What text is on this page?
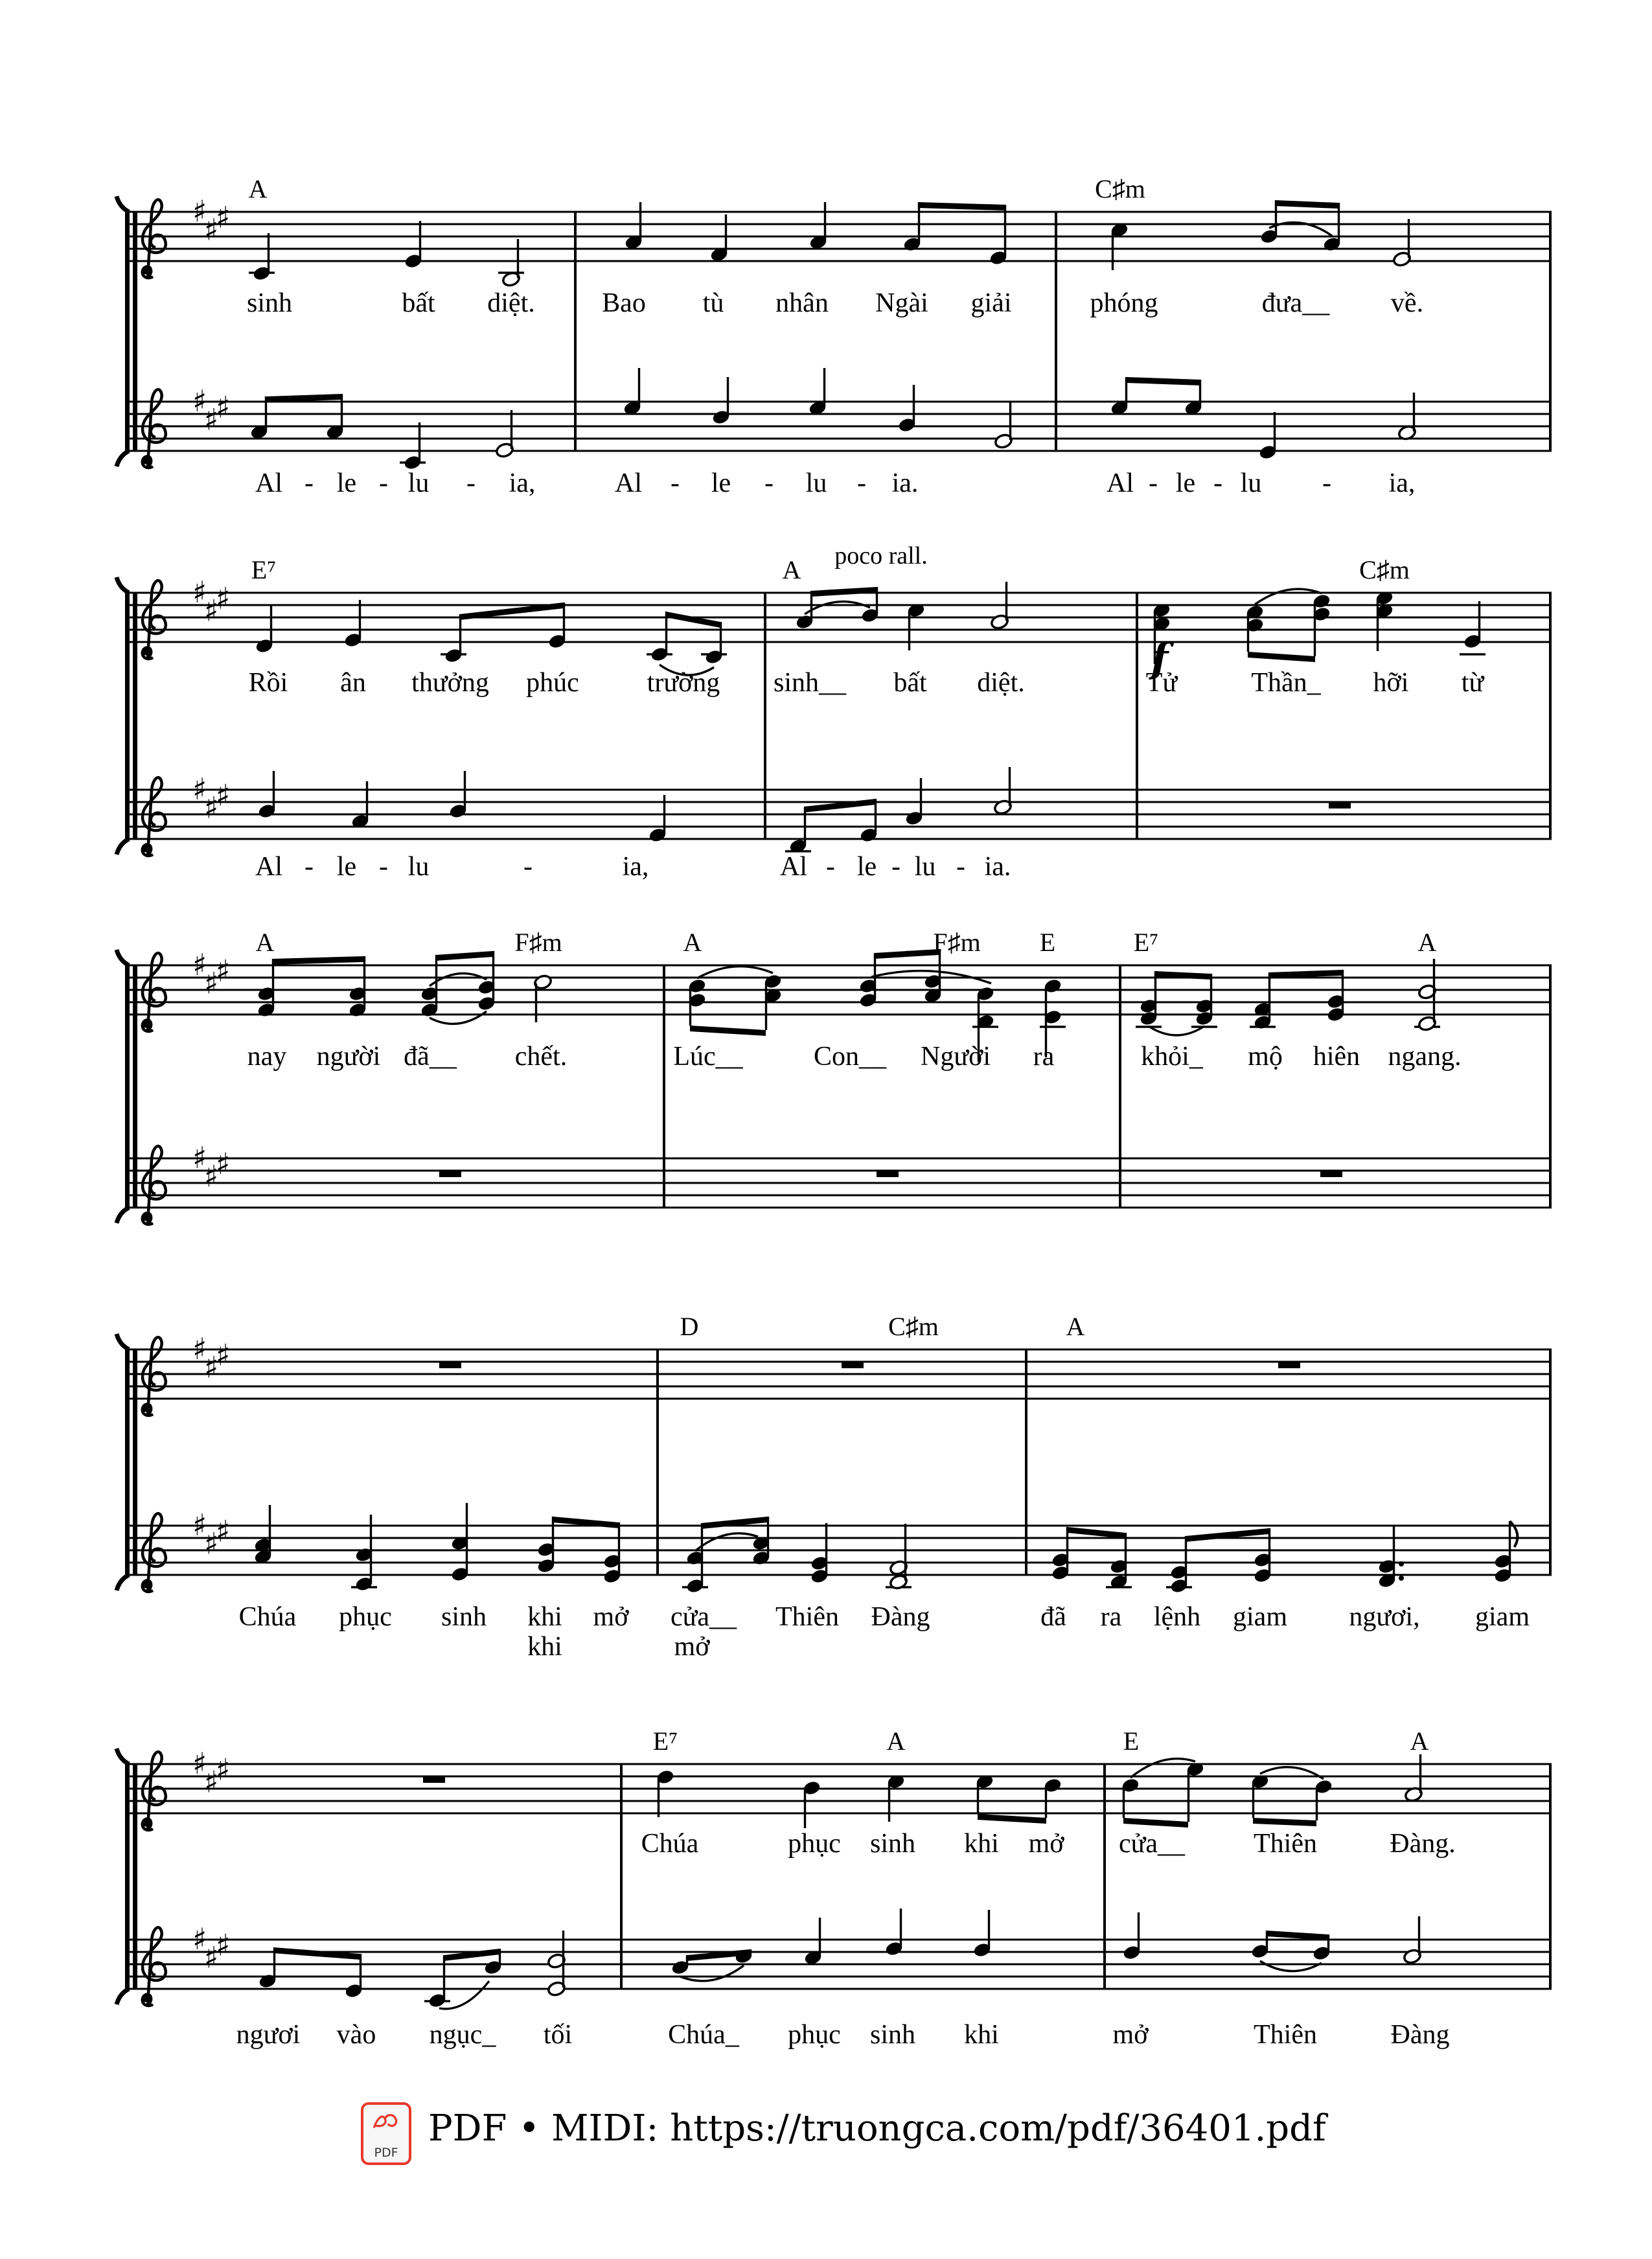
♯
♯
♯
♯
♯
♯
♯
♯
♯
♯
♯
♯
♯
♯
♯
♯
♯
♯
♯
♯
♯
♯
♯
♯
♯
♯
♯
♯
♯
♯
A	C♯m
sinh	bất diệt. Bao tù nhân Ngài giải	phóng	đưa__ về.
Al - le - lu - ia,	Al - le - lu - ia.	Al - le - lu - ia,
E⁷	A	C♯m
poco rall.
f
Rồi ân thưởng phúc trường sinh__ bất diệt.	Tử	Thần_ hỡi từ
Al - le - lu	-	ia,	Al - le - lu - ia.
A	F♯m	A	F♯m E	E⁷	A
nay người đã__ chết.	Lúc__	Con__ Người ra	khỏi_ mộ hiên ngang.
D	C♯m	A
Chúa phục sinh khi mở cửa__ Thiên Đàng	đã ra lệnh giam ngươi, giam
khi	mở
E⁷	A	E	A
Chúa	phục sinh khi mở cửa__	Thiên	Đàng.
ngươi vào ngục_ tối	Chúa_ phục sinh khi	mở	Thiên	Đàng
PDF
PDF • MIDI: https://truongca.com/pdf/36401.pdf
